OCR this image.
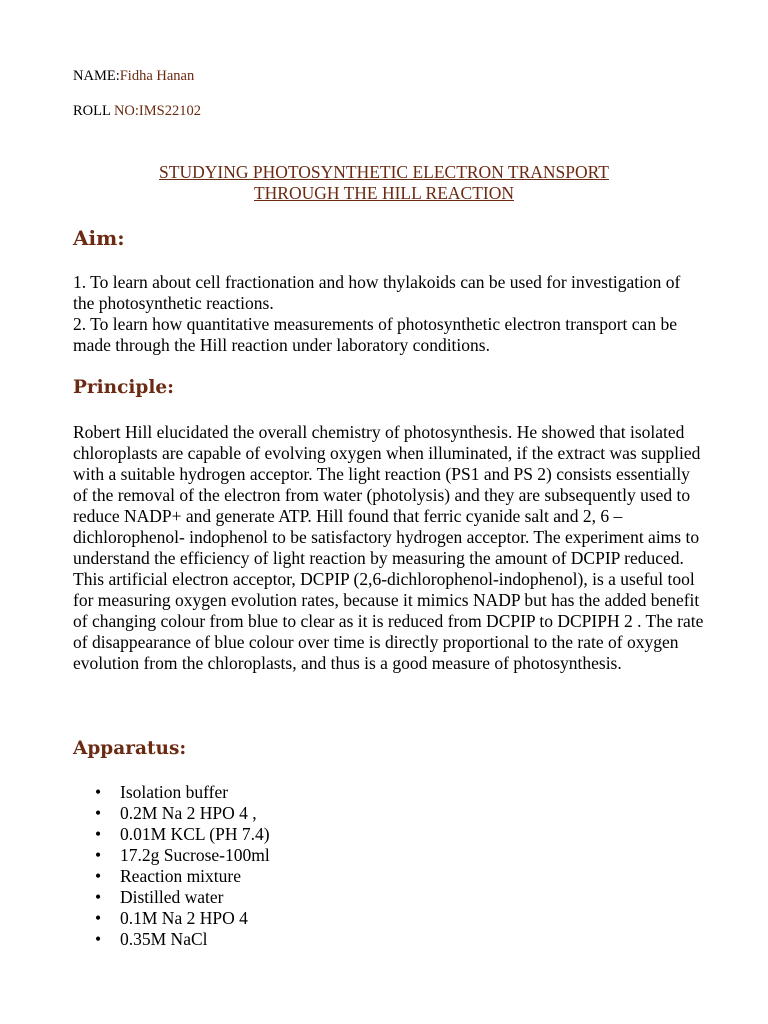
NAME:Fidha Hanan
ROLL NO:IMS22102
STUDYING PHOTOSYNTHETIC ELECTRON TRANSPORT
THROUGH THE HILL REACTION
Aim:
1. To learn about cell fractionation and how thylakoids can be used for investigation of the photosynthetic reactions.
2. To learn how quantitative measurements of photosynthetic electron transport can be made through the Hill reaction under laboratory conditions.
Principle:

Robert Hill elucidated the overall chemistry of photosynthesis. He showed that isolated chloroplasts are capable of evolving oxygen when illuminated, if the extract was supplied with a suitable hydrogen acceptor. The light reaction (PS1 and PS 2) consists essentially of the removal of the electron from water (photolysis) and they are subsequently used to reduce NADP+ and generate ATP. Hill found that ferric cyanide salt and 2, 6 – dichlorophenol- indophenol to be satisfactory hydrogen acceptor. The experiment aims to understand the efficiency of light reaction by measuring the amount of DCPIP reduced. This artificial electron acceptor, DCPIP (2,6-dichlorophenol-indophenol), is a useful tool for measuring oxygen evolution rates, because it mimics NADP but has the added benefit of changing colour from blue to clear as it is reduced from DCPIP to DCPIPH 2 . The rate of disappearance of blue colour over time is directly proportional to the rate of oxygen evolution from the chloroplasts, and thus is a good measure of photosynthesis.

Apparatus:
• Isolation buffer
• 0.2M Na 2 HPO 4 ,
• 0.01M KCL (PH 7.4)
• 17.2g Sucrose-100ml
• Reaction mixture
• Distilled water
• 0.1M Na 2 HPO 4
• 0.35M NaCl
